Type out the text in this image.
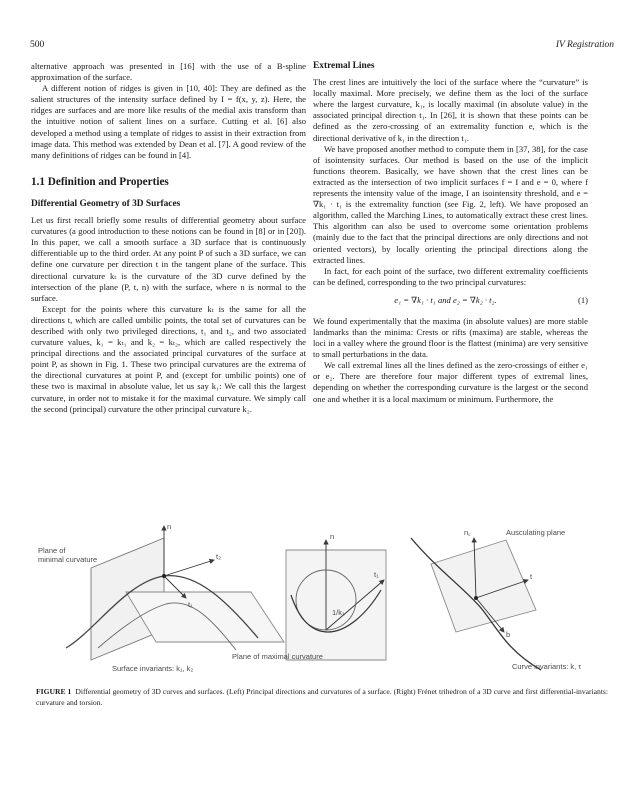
500	IV Registration

alternative approach was presented in [16] with the use of a B-spline approximation of the surface.

A different notion of ridges is given in [10, 40]: They are defined as the salient structures of the intensity surface defined by I = f(x, y, z). Here, the ridges are surfaces and are more like results of the medial axis transform than the intuitive notion of salient lines on a surface. Cutting et al. [6] also developed a method using a template of ridges to assist in their extraction from image data. This method was extended by Dean et al. [7]. A good review of the many definitions of ridges can be found in [4].

1.1 Definition and Properties
Differential Geometry of 3D Surfaces

Let us first recall briefly some results of differential geometry about surface curvatures (a good introduction to these notions can be found in [8] or in [20]). In this paper, we call a smooth surface a 3D surface that is continuously differentiable up to the third order. At any point P of such a 3D surface, we can define one curvature per direction t in the tangent plane of the surface. This directional curvature kₜ is the curvature of the 3D curve defined by the intersection of the plane (P, t, n) with the surface, where n is normal to the surface.

Except for the points where this curvature kₜ is the same for all the directions t, which are called umbilic points, the total set of curvatures can be described with only two privileged directions, t₁ and t₂, and two associated curvature values, k₁ = kₜ₁ and k₂ = kₜ₂, which are called respectively the principal directions and the associated principal curvatures of the surface at point P, as shown in Fig. 1. These two principal curvatures are the extrema of the directional curvatures at point P, and (except for umbilic points) one of these two is maximal in absolute value, let us say k₁: We call this the largest curvature, in order not to mistake it for the maximal curvature. We simply call the second (principal) curvature the other principal curvature k₂.

Extremal Lines

The crest lines are intuitively the loci of the surface where the “curvature” is locally maximal. More precisely, we define them as the loci of the surface where the largest curvature, k₁, is locally maximal (in absolute value) in the associated principal direction t₁. In [26], it is shown that these points can be defined as the zero-crossing of an extremality function e, which is the directional derivative of k₁ in the direction t₁.

We have proposed another method to compute them in [37, 38], for the case of isointensity surfaces. Our method is based on the use of the implicit functions theorem. Basically, we have shown that the crest lines can be extracted as the intersection of two implicit surfaces f = I and e = 0, where f represents the intensity value of the image, I an isointensity threshold, and e = ∇k₁ · t₁ is the extremality function (see Fig. 2, left). We have proposed an algorithm, called the Marching Lines, to automatically extract these crest lines. This algorithm can also be used to overcome some orientation problems (mainly due to the fact that the principal directions are only directions and not oriented vectors), by locally orienting the principal directions along the extracted lines.

In fact, for each point of the surface, two different extremality coefficients can be defined, corresponding to the two principal curvatures:

e₁ = ∇k₁ · t₁ and e₂ = ∇k₂ · t₂.	(1)

We found experimentally that the maxima (in absolute values) are more stable landmarks than the minima: Crests or rifts (maxima) are stable, whereas the loci in a valley where the ground floor is the flattest (minima) are very sensitive to small perturbations in the data.

We call extremal lines all the lines defined as the zero-crossings of either e₁ or e₂. There are therefore four major different types of extremal lines, depending on whether the corresponding curvature is the largest or the second one and whether it is a local maximum or minimum. Furthermore, the

n
Plane of
minimal curvature	t₂
t₁
Surface invariants: k₁, k₂
n
t₁
1/k₁
Plane of maximal curvature
n꜀	Ausculating plane
t
b
Curve invariants: k, τ
FIGURE 1 Differential geometry of 3D curves and surfaces. (Left) Principal directions and curvatures of a surface. (Right) Frénet trihedron of a 3D curve and first differential-invariants: curvature and torsion.
